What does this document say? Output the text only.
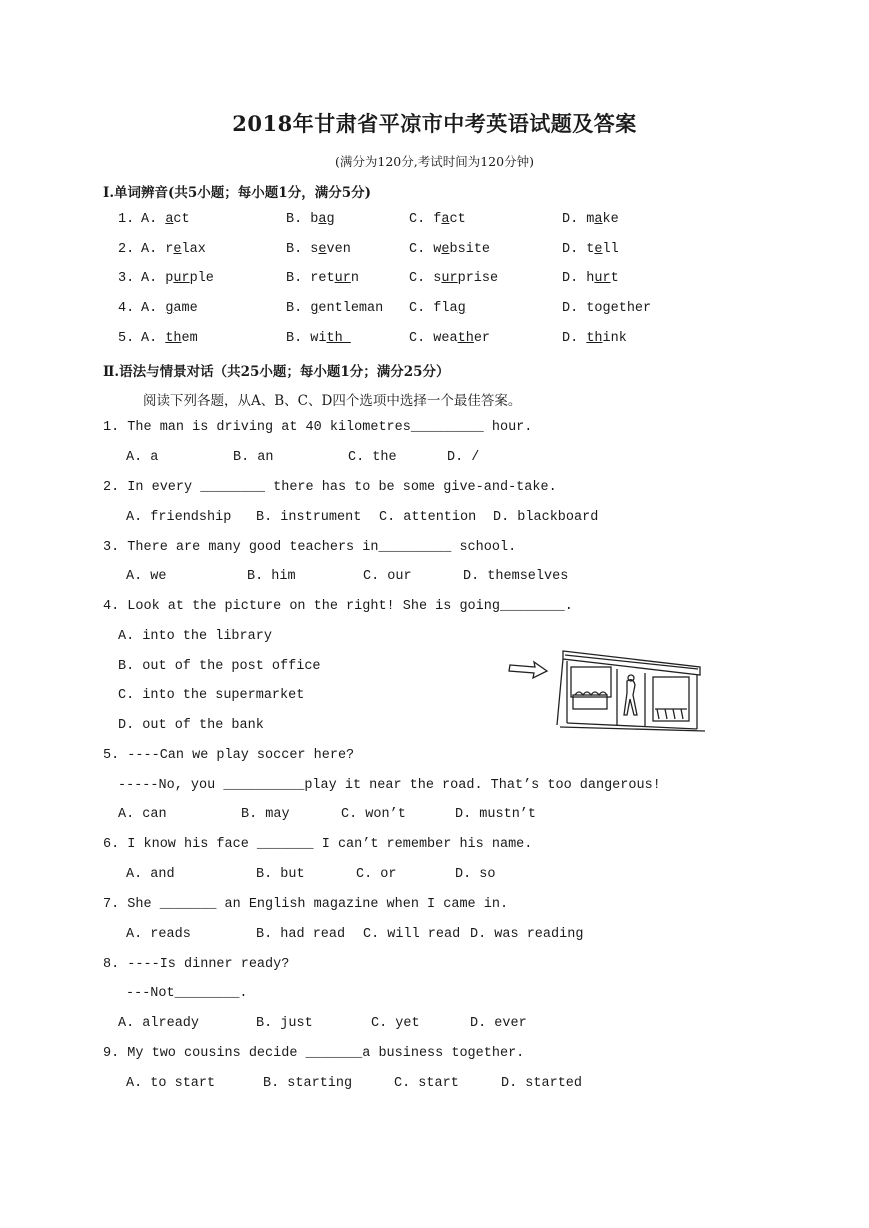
2018年甘肃省平凉市中考英语试题及答案
(满分为120分,考试时间为120分钟)
I.单词辨音(共5小题；每小题1分，满分5分)
1. A. act	B. bag	C. fact	D. make
2. A. relax	B. seven	C. website	D. tell
3. A. purple	B. return	C. surprise	D. hurt
4. A. game	B. gentleman C. flag	D. together
5. A. them	B. with	C. weather	D. think
Ⅱ.语法与情景对话（共25小题；每小题1分；满分25分）
阅读下列各题，从A、B、C、D四个选项中选择一个最佳答案。
1. The man is driving at 40 kilometres_________ hour.
A. a	B. an	C. the	D. /
2. In every ________ there has to be some give-and-take.
A. friendship B. instrument C. attention D. blackboard
3. There are many good teachers in_________ school.
A. we	B. him	C. our	D. themselves
4. Look at the picture on the right! She is going________.
A. into the library
B. out of the post office
C. into the supermarket
D. out of the bank
5. ----Can we play soccer here?
-----No, you __________play it near the road. That’s too dangerous!
A. can	B. may	C. won’t	D. mustn’t
6. I know his face _______ I can’t remember his name.
A. and	B. but	C. or	D. so
7. She _______ an English magazine when I came in.
A. reads	B. had read C. will read D. was reading
8. ----Is dinner ready?
---Not________.
A. already	B. just	C. yet	D. ever
9. My two cousins decide _______a business together.
A. to start	B. starting	C. start	D. started
